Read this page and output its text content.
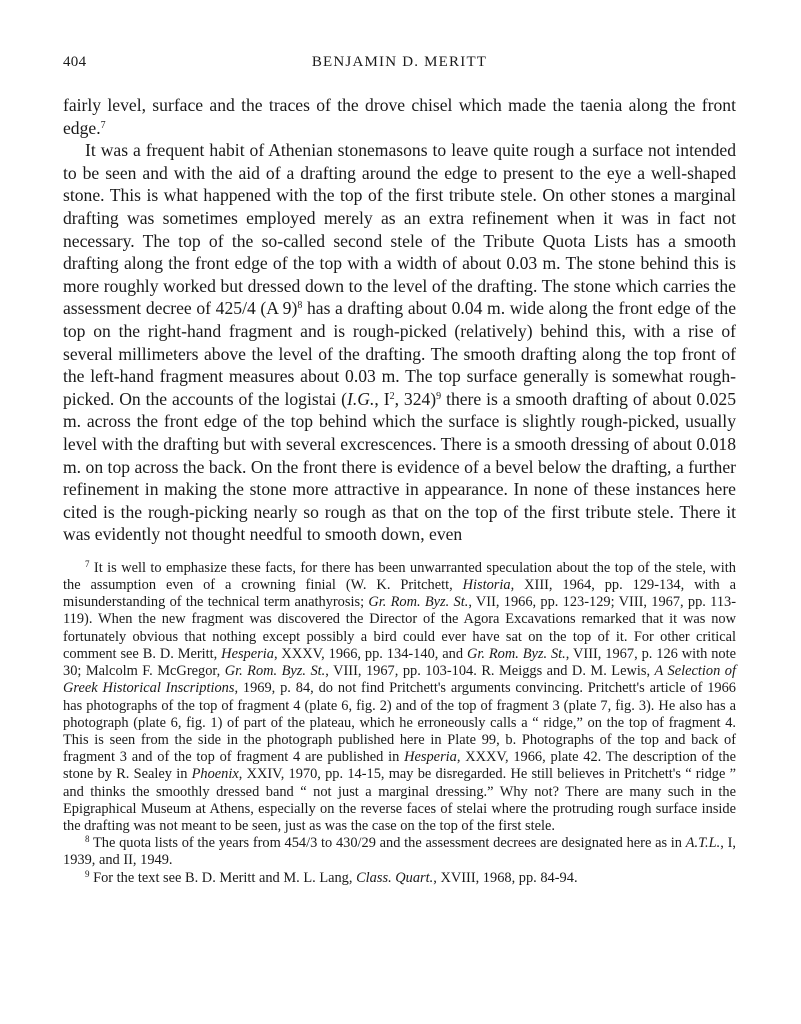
404	BENJAMIN D. MERITT

fairly level, surface and the traces of the drove chisel which made the taenia along the front edge.$^7$

It was a frequent habit of Athenian stonemasons to leave quite rough a surface not intended to be seen and with the aid of a drafting around the edge to present to the eye a well-shaped stone. This is what happened with the top of the first tribute stele. On other stones a marginal drafting was sometimes employed merely as an extra refinement when it was in fact not necessary. The top of the so-called second stele of the Tribute Quota Lists has a smooth drafting along the front edge of the top with a width of about 0.03 m. The stone behind this is more roughly worked but dressed down to the level of the drafting. The stone which carries the assessment decree of 425/4 (A 9)$^8$ has a drafting about 0.04 m. wide along the front edge of the top on the right-hand fragment and is rough-picked (relatively) behind this, with a rise of several millimeters above the level of the drafting. The smooth drafting along the top front of the left-hand fragment measures about 0.03 m. The top surface generally is somewhat rough-picked. On the accounts of the logistai (I.G., $I^2$, 324)$^9$ there is a smooth drafting of about 0.025 m. across the front edge of the top behind which the surface is slightly rough-picked, usually level with the drafting but with several excrescences. There is a smooth dressing of about 0.018 m. on top across the back. On the front there is evidence of a bevel below the drafting, a further refinement in making the stone more attractive in appearance. In none of these instances here cited is the rough-picking nearly so rough as that on the top of the first tribute stele. There it was evidently not thought needful to smooth down, even

$^7$ It is well to emphasize these facts, for there has been unwarranted speculation about the top of the stele, with the assumption even of a crowning finial (W. K. Pritchett, Historia, XIII, 1964, pp. 129-134, with a misunderstanding of the technical term anathyrosis; Gr. Rom. Byz. St., VII, 1966, pp. 123-129; VIII, 1967, pp. 113-119). When the new fragment was discovered the Director of the Agora Excavations remarked that it was now fortunately obvious that nothing except possibly a bird could ever have sat on the top of it. For other critical comment see B. D. Meritt, Hesperia, XXXV, 1966, pp. 134-140, and Gr. Rom. Byz. St., VIII, 1967, p. 126 with note 30; Malcolm F. McGregor, Gr. Rom. Byz. St., VIII, 1967, pp. 103-104. R. Meiggs and D. M. Lewis, A Selection of Greek Historical Inscriptions, 1969, p. 84, do not find Pritchett's arguments convincing. Pritchett's article of 1966 has photographs of the top of fragment 4 (plate 6, fig. 2) and of the top of fragment 3 (plate 7, fig. 3). He also has a photograph (plate 6, fig. 1) of part of the plateau, which he erroneously calls a “ ridge,” on the top of fragment 4. This is seen from the side in the photograph published here in Plate 99, b. Photographs of the top and back of fragment 3 and of the top of fragment 4 are published in Hesperia, XXXV, 1966, plate 42. The description of the stone by R. Sealey in Phoenix, XXIV, 1970, pp. 14-15, may be disregarded. He still believes in Pritchett's “ ridge ” and thinks the smoothly dressed band “ not just a marginal dressing.” Why not? There are many such in the Epigraphical Museum at Athens, especially on the reverse faces of stelai where the protruding rough surface inside the drafting was not meant to be seen, just as was the case on the top of the first stele.

$^8$ The quota lists of the years from 454/3 to 430/29 and the assessment decrees are designated here as in A.T.L., I, 1939, and II, 1949.

$^9$ For the text see B. D. Meritt and M. L. Lang, Class. Quart., XVIII, 1968, pp. 84-94.
